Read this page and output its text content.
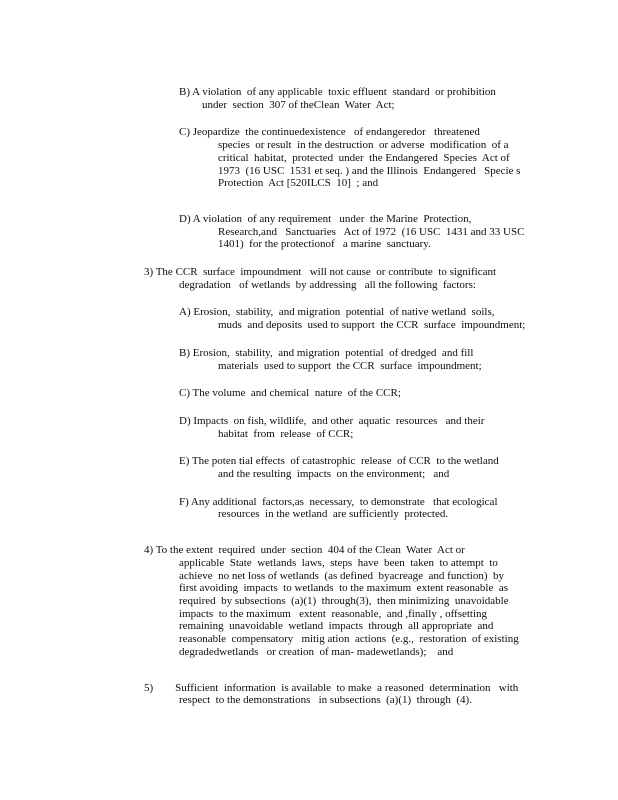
B) A violation  of any applicable  toxic effluent  standard  or prohibition
under  section  307 of theClean  Water  Act;
C) Jeopardize  the continuedexistence   of endangeredor   threatened
species  or result  in the destruction  or adverse  modification  of a
critical  habitat,  protected  under  the Endangered  Species  Act of
1973  (16 USC  1531 et seq. ) and the Illinois  Endangered   Specie s
Protection  Act [520ILCS  10]  ; and
D) A violation  of any requirement   under  the Marine  Protection,
Research,and   Sanctuaries   Act of 1972  (16 USC  1431 and 33 USC
1401)  for the protectionof   a marine  sanctuary.
3) The CCR  surface  impoundment   will not cause  or contribute  to significant
degradation   of wetlands  by addressing   all the following  factors:
A) Erosion,  stability,  and migration  potential  of native wetland  soils,
muds  and deposits  used to support  the CCR  surface  impoundment;
B) Erosion,  stability,  and migration  potential  of dredged  and fill
materials  used to support  the CCR  surface  impoundment;
C) The volume  and chemical  nature  of the CCR;
D) Impacts  on fish, wildlife,  and other  aquatic  resources   and their
habitat  from  release  of CCR;
E) The poten tial effects  of catastrophic  release  of CCR  to the wetland
and the resulting  impacts  on the environment;   and
F) Any additional  factors,as  necessary,  to demonstrate   that ecological
resources  in the wetland  are sufficiently  protected.
4) To the extent  required  under  section  404 of the Clean  Water  Act or
applicable  State  wetlands  laws,  steps  have  been  taken  to attempt  to
achieve  no net loss of wetlands  (as defined  byacreage  and function)  by
first avoiding  impacts  to wetlands  to the maximum  extent reasonable  as
required  by subsections  (a)(1)  through(3),  then minimizing  unavoidable
impacts  to the maximum   extent  reasonable,  and ,finally , offsetting
remaining  unavoidable  wetland  impacts  through  all appropriate  and
reasonable  compensatory   mitig ation  actions  (e.g.,  restoration  of existing
degradedwetlands   or creation  of man- madewetlands);    and
5)        Sufficient  information  is available  to make  a reasoned  determination   with
respect  to the demonstrations   in subsections  (a)(1)  through  (4).
